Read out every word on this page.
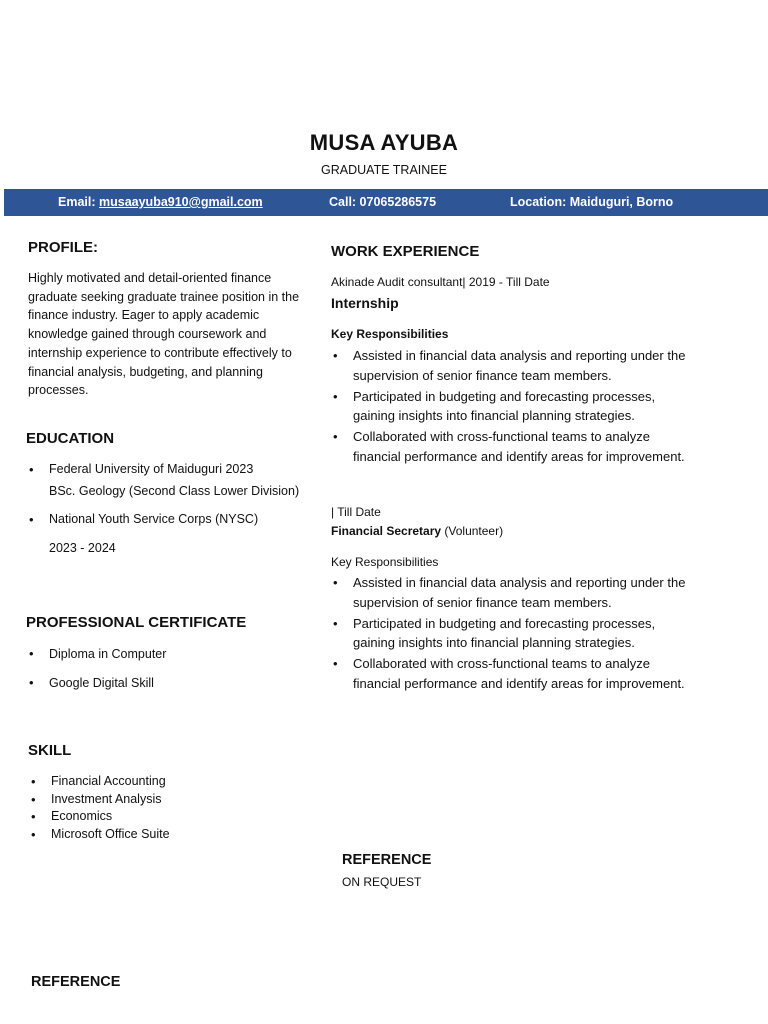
MUSA AYUBA
GRADUATE TRAINEE
Email: musaayuba910@gmail.com	Call: 07065286575	Location: Maiduguri, Borno
PROFILE:
Highly motivated and detail-oriented finance graduate seeking graduate trainee position in the finance industry. Eager to apply academic knowledge gained through coursework and internship experience to contribute effectively to financial analysis, budgeting, and planning processes.
EDUCATION
• Federal University of Maiduguri 2023
BSc. Geology (Second Class Lower Division)
• National Youth Service Corps (NYSC)
2023 - 2024
PROFESSIONAL CERTIFICATE
• Diploma in Computer
• Google Digital Skill
SKILL
• Financial Accounting
• Investment Analysis
• Economics
• Microsoft Office Suite
WORK EXPERIENCE
Akinade Audit consultant| 2019 - Till Date
Internship
Key Responsibilities
• Assisted in financial data analysis and reporting under the supervision of senior finance team members.
• Participated in budgeting and forecasting processes, gaining insights into financial planning strategies.
• Collaborated with cross-functional teams to analyze financial performance and identify areas for improvement.
| Till Date
Financial Secretary (Volunteer)
Key Responsibilities
• Assisted in financial data analysis and reporting under the supervision of senior finance team members.
• Participated in budgeting and forecasting processes, gaining insights into financial planning strategies.
• Collaborated with cross-functional teams to analyze financial performance and identify areas for improvement.
REFERENCE
ON REQUEST
REFERENCE
